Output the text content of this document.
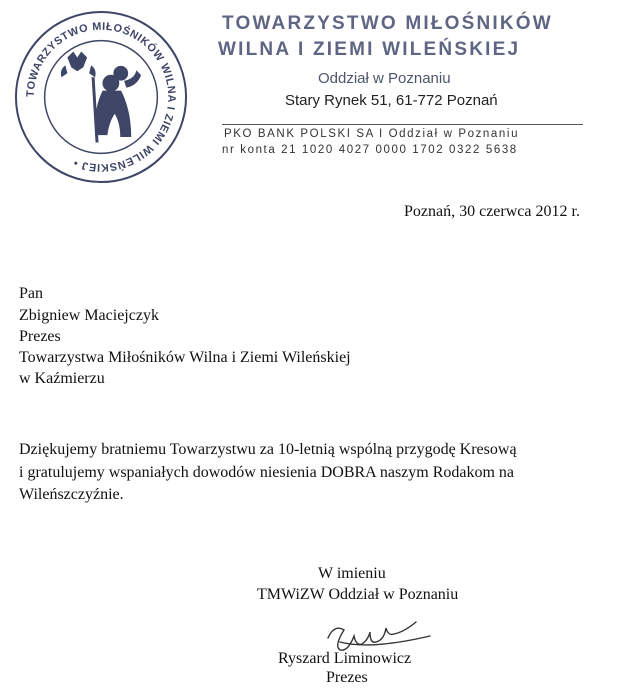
TOWARZYSTWO MIŁOŚNIKÓW WILNA I ZIEMI WILEŃSKIEJ •
TOWARZYSTWO MIŁOŚNIKÓW
WILNA I ZIEMI WILEŃSKIEJ
Oddział w Poznaniu
Stary Rynek 51, 61-772 Poznań
PKO BANK POLSKI SA I Oddział w Poznaniu
nr konta 21 1020 4027 0000 1702 0322 5638
Poznań, 30 czerwca 2012 r.
Pan
Zbigniew Maciejczyk
Prezes
Towarzystwa Miłośników Wilna i Ziemi Wileńskiej
w Kaźmierzu
Dziękujemy bratniemu Towarzystwu za 10-letnią wspólną przygodę Kresową
i gratulujemy wspaniałych dowodów niesienia DOBRA naszym Rodakom na
Wileńszczyźnie.
W imieniu
TMWiZW Oddział w Poznaniu
Ryszard Liminowicz
Prezes
